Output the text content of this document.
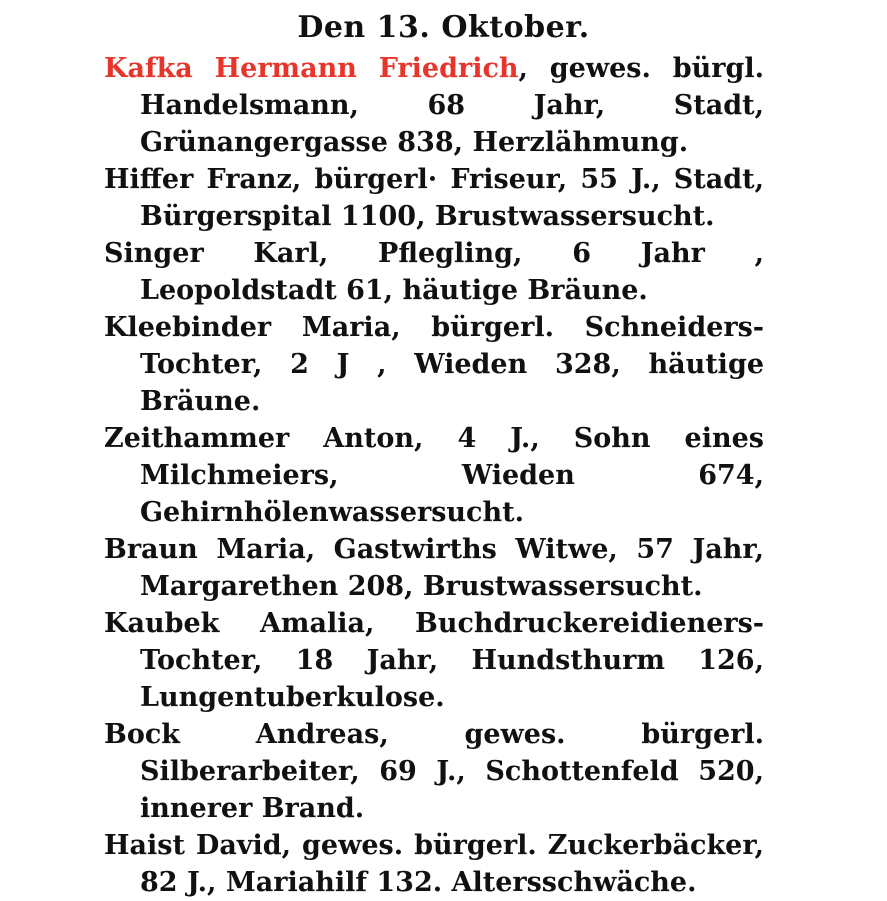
Den 13. Oktober.

Kafka Hermann Friedrich, gewes. bürgl. Handelsmann, 68 Jahr, Stadt, Grünangergasse 838, Herzlähmung.

Hiffer Franz, bürgerl· Friseur, 55 J., Stadt, Bürgerspital 1100, Brustwassersucht.

Singer Karl, Pflegling, 6 Jahr , Leopoldstadt 61, häutige Bräune.

Kleebinder Maria, bürgerl. Schneiders-Tochter, 2 J , Wieden 328, häutige Bräune.

Zeithammer Anton, 4 J., Sohn eines Milchmeiers, Wieden 674, Gehirnhölenwassersucht.

Braun Maria, Gastwirths Witwe, 57 Jahr, Margarethen 208, Brustwassersucht.

Kaubek Amalia, Buchdruckereidieners-Tochter, 18 Jahr, Hundsthurm 126, Lungentuberkulose.

Bock Andreas, gewes. bürgerl. Silberarbeiter, 69 J., Schottenfeld 520, innerer Brand.

Haist David, gewes. bürgerl. Zuckerbäcker, 82 J., Mariahilf 132. Altersschwäche.
